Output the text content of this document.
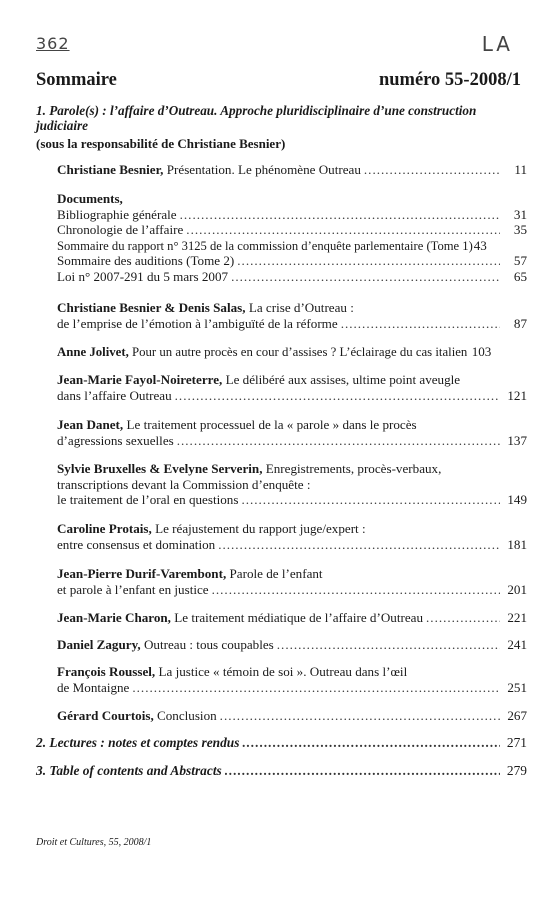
362	LA
Sommaire	numéro 55-2008/1
1. Parole(s) : l’affaire d’Outreau. Approche pluridisciplinaire d’une construction judiciaire
(sous la responsabilité de Christiane Besnier)
Christiane Besnier, Présentation. Le phénomène Outreau .....	11
Documents,
Bibliographie générale .....	31
Chronologie de l’affaire .....	35
Sommaire du rapport n° 3125 de la commission d’enquête parlementaire (Tome 1) 43
Sommaire des auditions (Tome 2) .....	57
Loi n° 2007-291 du 5 mars 2007 .....	65
Christiane Besnier & Denis Salas, La crise d’Outreau :
de l’emprise de l’émotion à l’ambiguïté de la réforme .....	87
Anne Jolivet, Pour un autre procès en cour d’assises ? L’éclairage du cas italien 103
Jean-Marie Fayol-Noireterre, Le délibéré aux assises, ultime point aveugle
dans l’affaire Outreau .....	121
Jean Danet, Le traitement processuel de la « parole » dans le procès
d’agressions sexuelles .....	137
Sylvie Bruxelles & Evelyne Serverin, Enregistrements, procès-verbaux,
transcriptions devant la Commission d’enquête :
le traitement de l’oral en questions .....	149
Caroline Protais, Le réajustement du rapport juge/expert :
entre consensus et domination .....	181
Jean-Pierre Durif-Varembont, Parole de l’enfant
et parole à l’enfant en justice .....	201
Jean-Marie Charon, Le traitement médiatique de l’affaire d’Outreau .....	221
Daniel Zagury, Outreau : tous coupables .....	241
François Roussel, La justice « témoin de soi ». Outreau dans l’œil
de Montaigne .....	251
Gérard Courtois, Conclusion .....	267
2. Lectures : notes et comptes rendus .....	271
3. Table of contents and Abstracts .....	279
Droit et Cultures, 55, 2008/1
